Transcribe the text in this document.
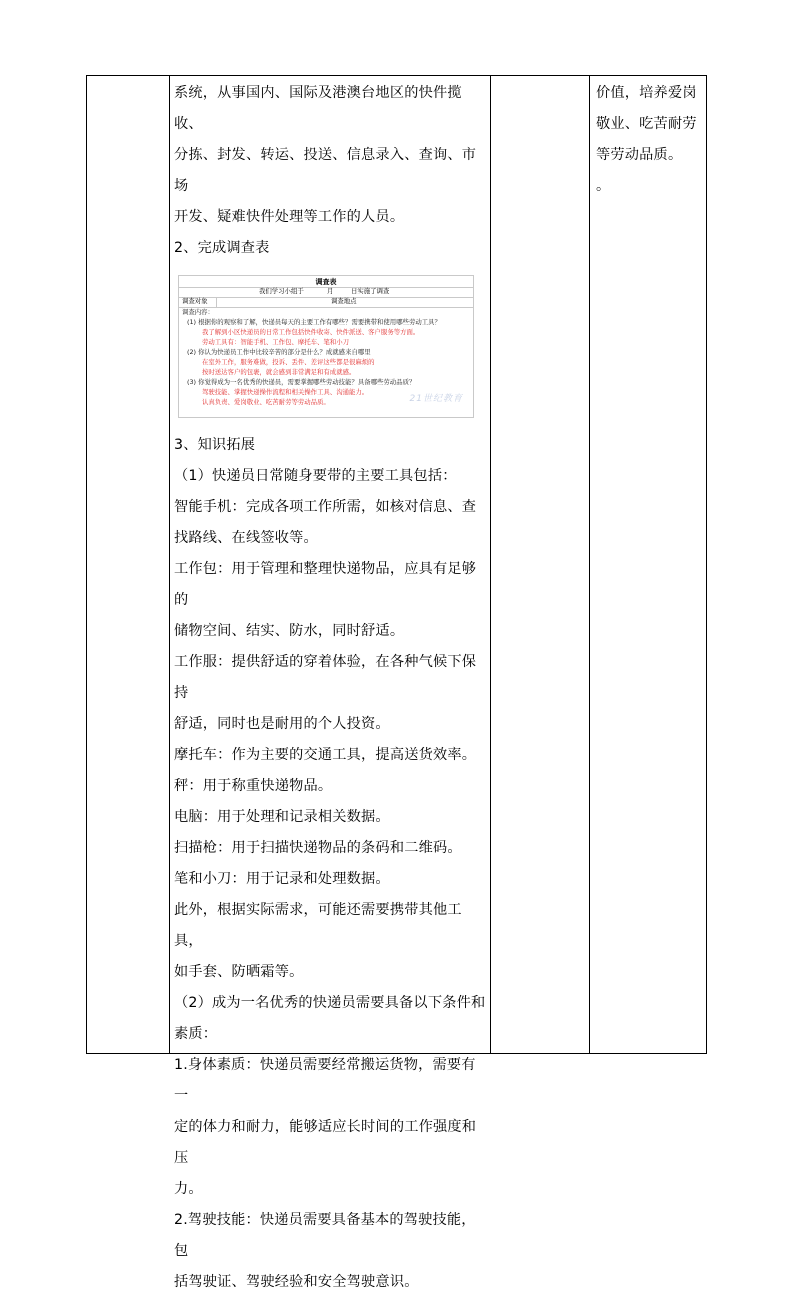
系统，从事国内、国际及港澳台地区的快件揽收、

分拣、封发、转运、投送、信息录入、查询、市场

开发、疑难快件处理等工作的人员。

2、完成调查表

调查表
我们学习小组于	月	日实施了调查
调查对象	调查地点
调查内容：
(1) 根据你的观察和了解，快递员每天的主要工作有哪些？需要携带和使用哪些劳动工具？
我了解到小区快递员的日常工作包括快件收寄、快件派送、客户服务等方面。
劳动工具有：智能手机、工作包、摩托车、笔和小刀
(2) 你认为快递员工作中比较辛苦的部分是什么？成就感来自哪里
在室外工作，服务难做，投诉、丢件、差评这些都是很麻烦的
按时送达客户的包裹，就会感到非常满足和有成就感。
(3) 你觉得成为一名优秀的快递员，需要掌握哪些劳动技能？具备哪些劳动品质？
驾驶技能、掌握快递操作流程和相关操作工具、沟通能力。
认真负责、爱岗敬业、吃苦耐劳等劳动品质。	21世纪教育

3、知识拓展

（1）快递员日常随身要带的主要工具包括：

智能手机：完成各项工作所需，如核对信息、查

找路线、在线签收等。

工作包：用于管理和整理快递物品，应具有足够的

储物空间、结实、防水，同时舒适。

工作服：提供舒适的穿着体验，在各种气候下保持

舒适，同时也是耐用的个人投资。

摩托车：作为主要的交通工具，提高送货效率。

秤：用于称重快递物品。

电脑：用于处理和记录相关数据。

扫描枪：用于扫描快递物品的条码和二维码。

笔和小刀：用于记录和处理数据。

此外，根据实际需求，可能还需要携带其他工具，

如手套、防晒霜等。

（2）成为一名优秀的快递员需要具备以下条件和

素质：

1.身体素质：快递员需要经常搬运货物，需要有一

定的体力和耐力，能够适应长时间的工作强度和压

力。

2.驾驶技能：快递员需要具备基本的驾驶技能，包

括驾驶证、驾驶经验和安全驾驶意识。

价值，培养爱岗

敬业、吃苦耐劳

等劳动品质。

。
